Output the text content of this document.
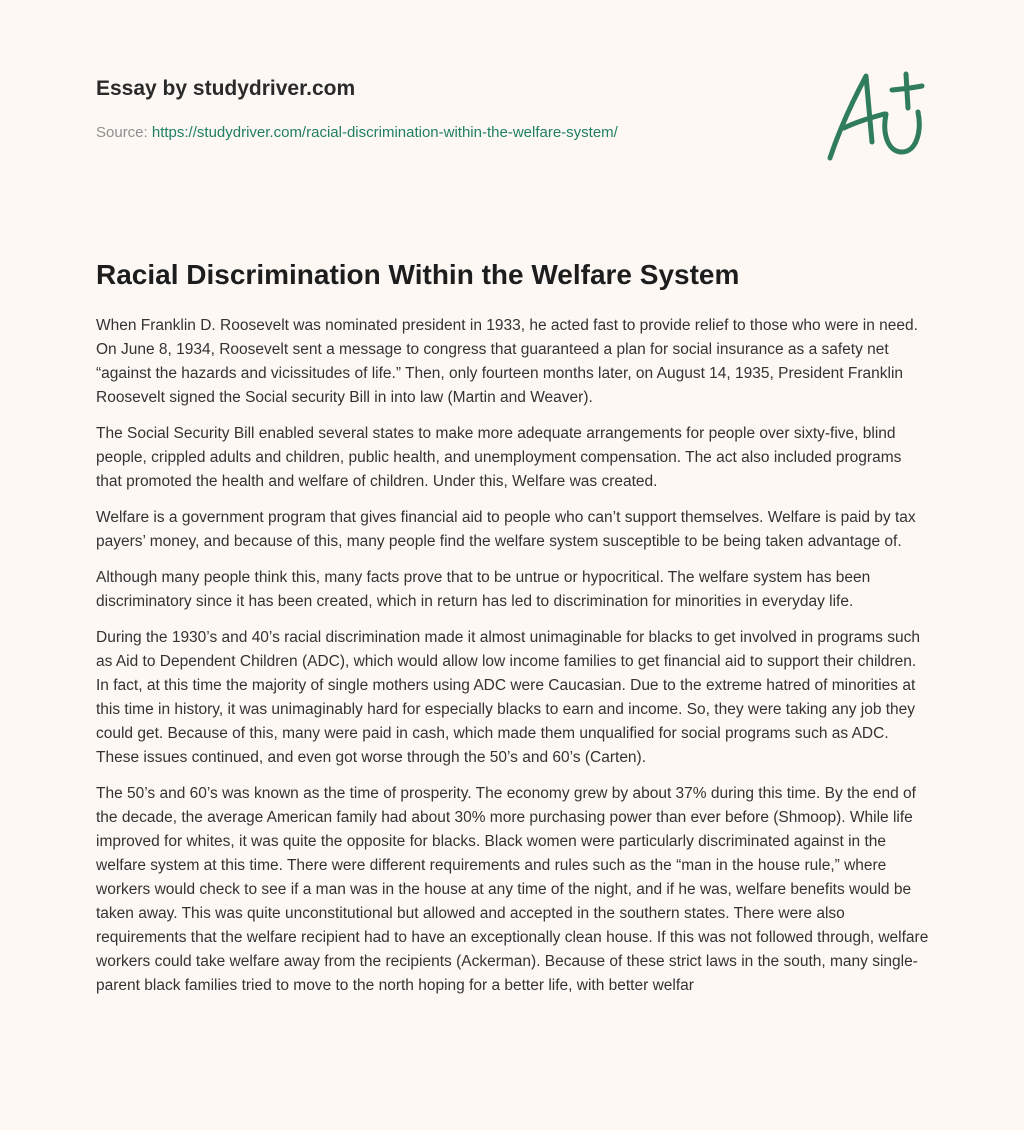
Essay by studydriver.com
Source: https://studydriver.com/racial-discrimination-within-the-welfare-system/
Racial Discrimination Within the Welfare System

When Franklin D. Roosevelt was nominated president in 1933, he acted fast to provide relief to those who were in need. On June 8, 1934, Roosevelt sent a message to congress that guaranteed a plan for social insurance as a safety net “against the hazards and vicissitudes of life.” Then, only fourteen months later, on August 14, 1935, President Franklin Roosevelt signed the Social security Bill in into law (Martin and Weaver).

The Social Security Bill enabled several states to make more adequate arrangements for people over sixty-five, blind people, crippled adults and children, public health, and unemployment compensation. The act also included programs that promoted the health and welfare of children. Under this, Welfare was created.

Welfare is a government program that gives financial aid to people who can’t support themselves. Welfare is paid by tax payers’ money, and because of this, many people find the welfare system susceptible to be being taken advantage of.

Although many people think this, many facts prove that to be untrue or hypocritical. The welfare system has been discriminatory since it has been created, which in return has led to discrimination for minorities in everyday life.

During the 1930’s and 40’s racial discrimination made it almost unimaginable for blacks to get involved in programs such as Aid to Dependent Children (ADC), which would allow low income families to get financial aid to support their children. In fact, at this time the majority of single mothers using ADC were Caucasian. Due to the extreme hatred of minorities at this time in history, it was unimaginably hard for especially blacks to earn and income. So, they were taking any job they could get. Because of this, many were paid in cash, which made them unqualified for social programs such as ADC. These issues continued, and even got worse through the 50’s and 60’s (Carten).

The 50’s and 60’s was known as the time of prosperity. The economy grew by about 37% during this time. By the end of the decade, the average American family had about 30% more purchasing power than ever before (Shmoop). While life improved for whites, it was quite the opposite for blacks. Black women were particularly discriminated against in the welfare system at this time. There were different requirements and rules such as the “man in the house rule,” where workers would check to see if a man was in the house at any time of the night, and if he was, welfare benefits would be taken away. This was quite unconstitutional but allowed and accepted in the southern states. There were also requirements that the welfare recipient had to have an exceptionally clean house. If this was not followed through, welfare workers could take welfare away from the recipients (Ackerman). Because of these strict laws in the south, many single-parent black families tried to move to the north hoping for a better life, with better welfar
